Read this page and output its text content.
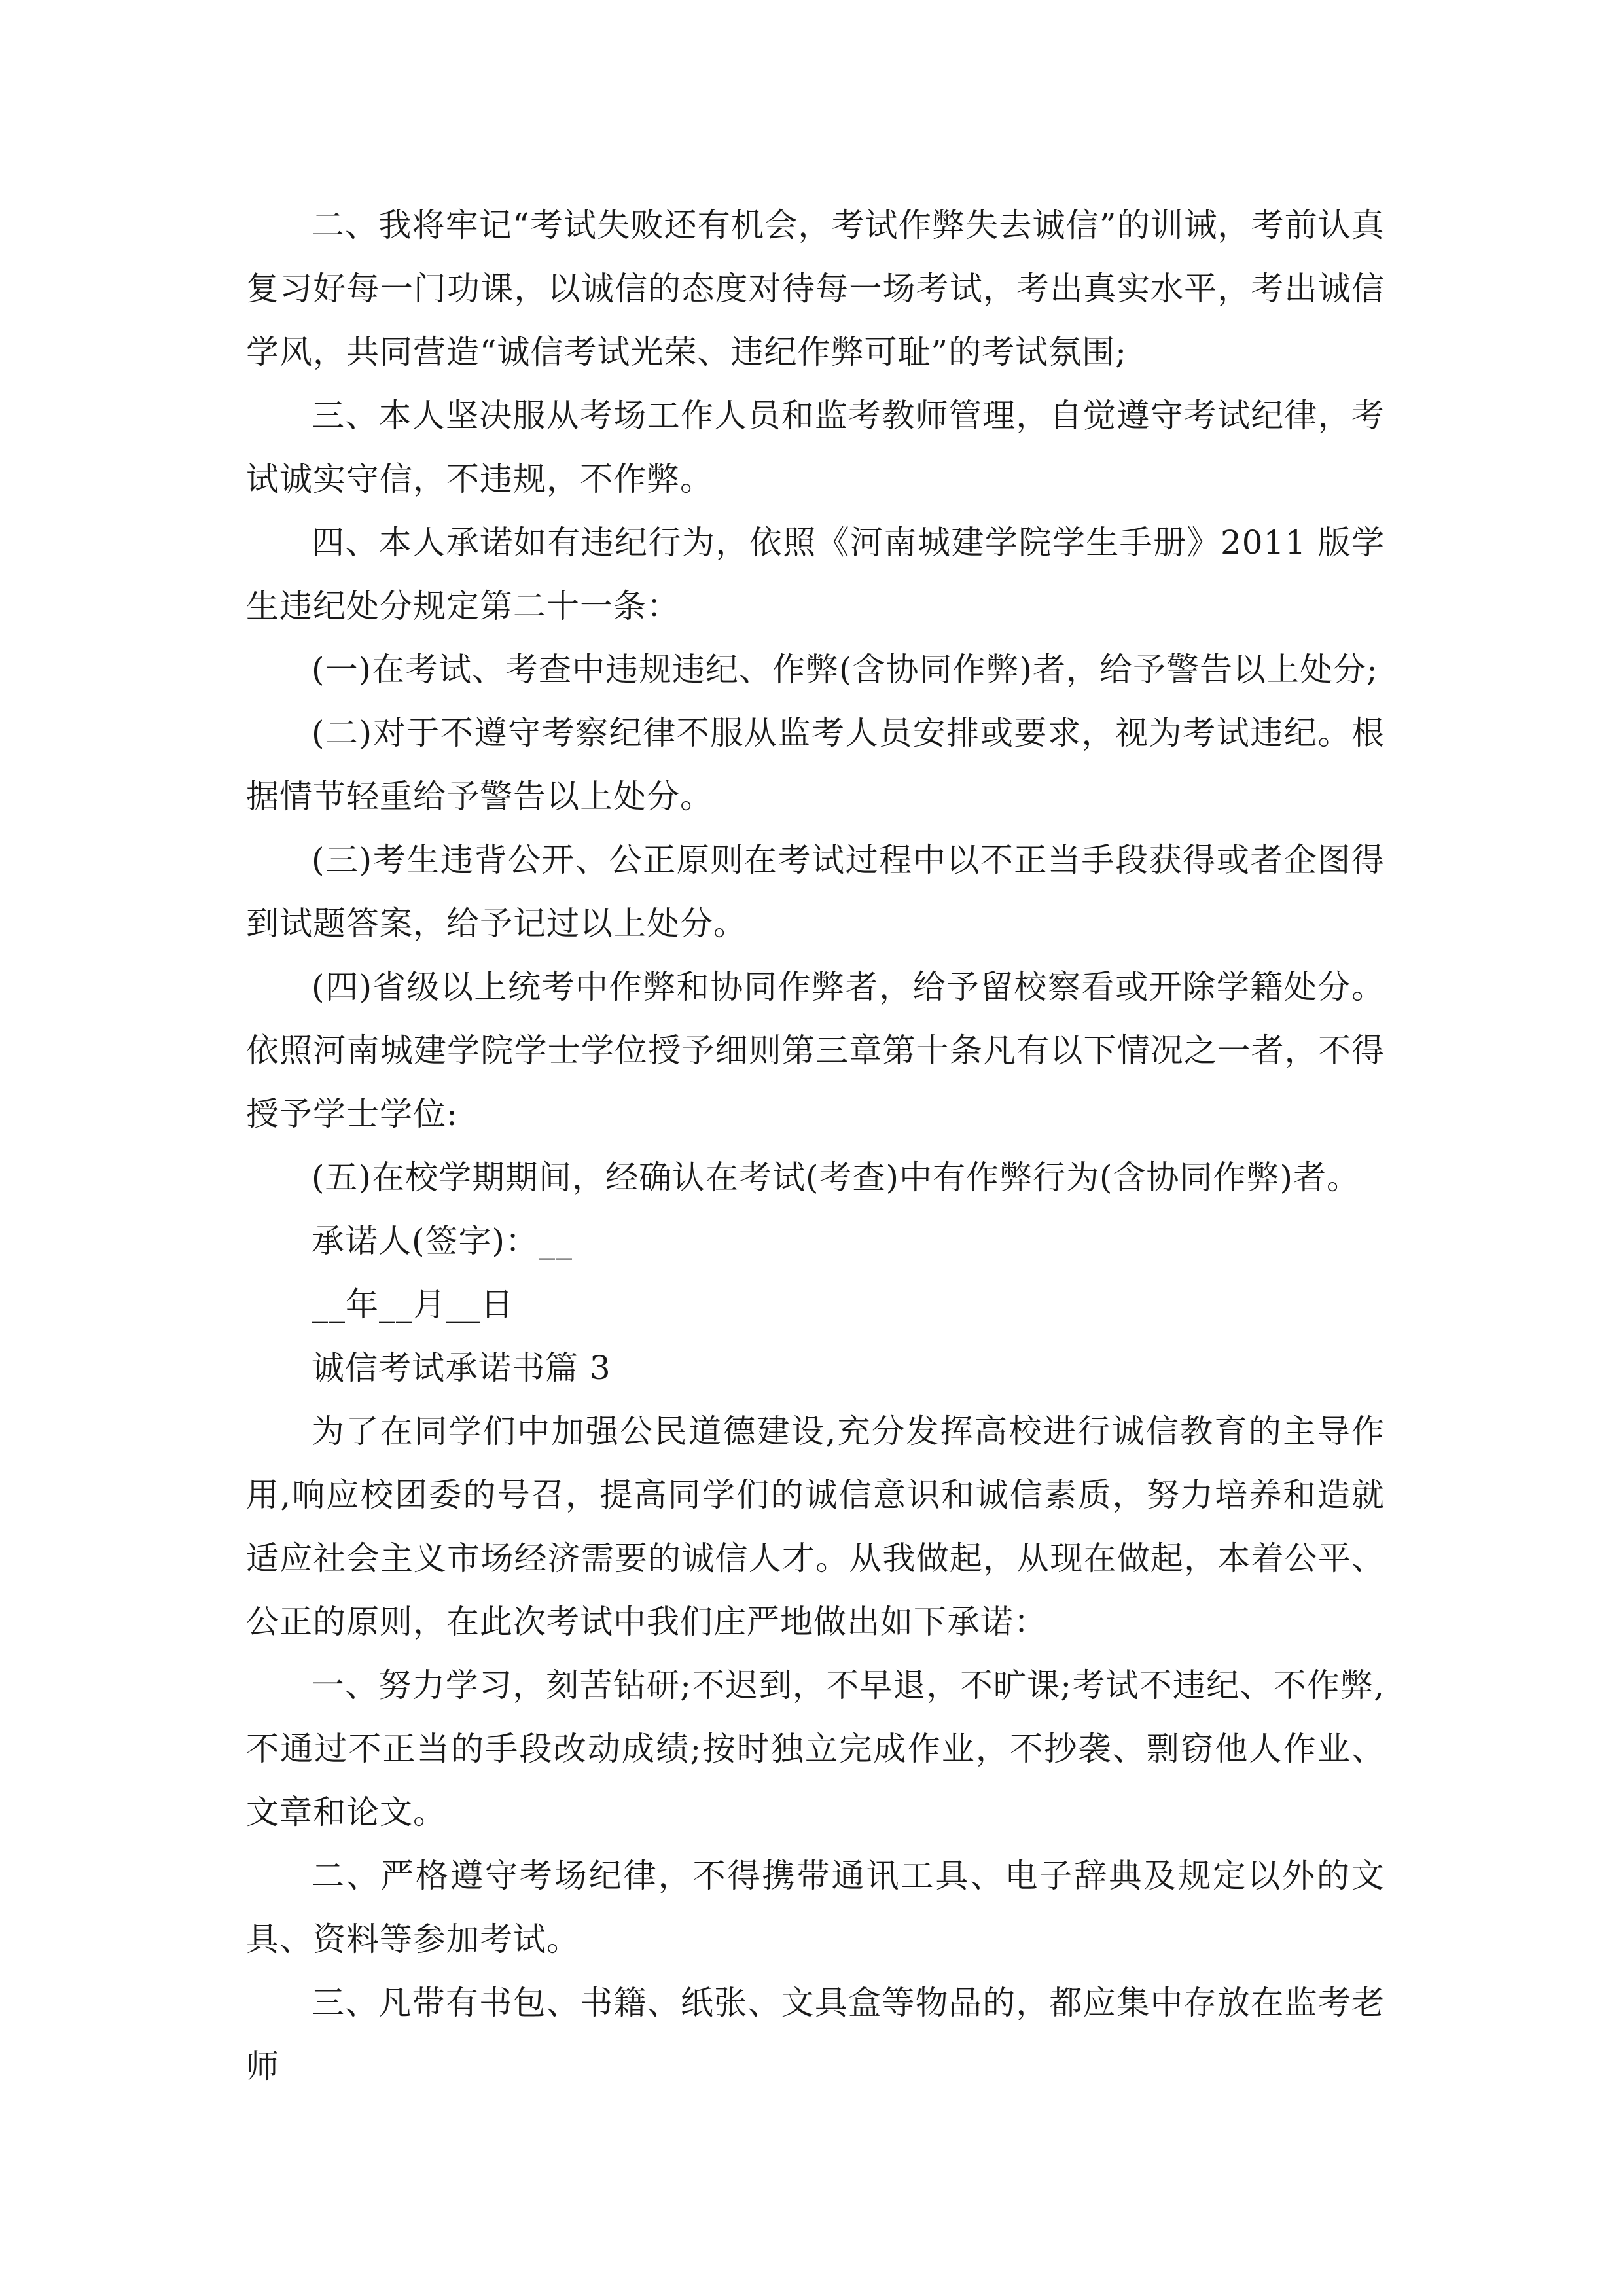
二、我将牢记“考试失败还有机会，考试作弊失去诚信”的训诫，考前认真复习好每一门功课，以诚信的态度对待每一场考试，考出真实水平，考出诚信学风，共同营造“诚信考试光荣、违纪作弊可耻”的考试氛围;

三、本人坚决服从考场工作人员和监考教师管理，自觉遵守考试纪律，考试诚实守信，不违规，不作弊。

四、本人承诺如有违纪行为，依照《河南城建学院学生手册》2011 版学生违纪处分规定第二十一条：

(一)在考试、考查中违规违纪、作弊(含协同作弊)者，给予警告以上处分;

(二)对于不遵守考察纪律不服从监考人员安排或要求，视为考试违纪。根据情节轻重给予警告以上处分。

(三)考生违背公开、公正原则在考试过程中以不正当手段获得或者企图得到试题答案，给予记过以上处分。

(四)省级以上统考中作弊和协同作弊者，给予留校察看或开除学籍处分。依照河南城建学院学士学位授予细则第三章第十条凡有以下情况之一者，不得授予学士学位:

(五)在校学期期间，经确认在考试(考查)中有作弊行为(含协同作弊)者。

承诺人(签字)：__

__年__月__日

诚信考试承诺书篇 3

为了在同学们中加强公民道德建设,充分发挥高校进行诚信教育的主导作用,响应校团委的号召，提高同学们的诚信意识和诚信素质，努力培养和造就适应社会主义市场经济需要的诚信人才。从我做起，从现在做起，本着公平、公正的原则，在此次考试中我们庄严地做出如下承诺：

一、努力学习，刻苦钻研;不迟到，不早退，不旷课;考试不违纪、不作弊,不通过不正当的手段改动成绩;按时独立完成作业，不抄袭、剽窃他人作业、文章和论文。

二、严格遵守考场纪律，不得携带通讯工具、电子辞典及规定以外的文具、资料等参加考试。

三、凡带有书包、书籍、纸张、文具盒等物品的，都应集中存放在监考老师
